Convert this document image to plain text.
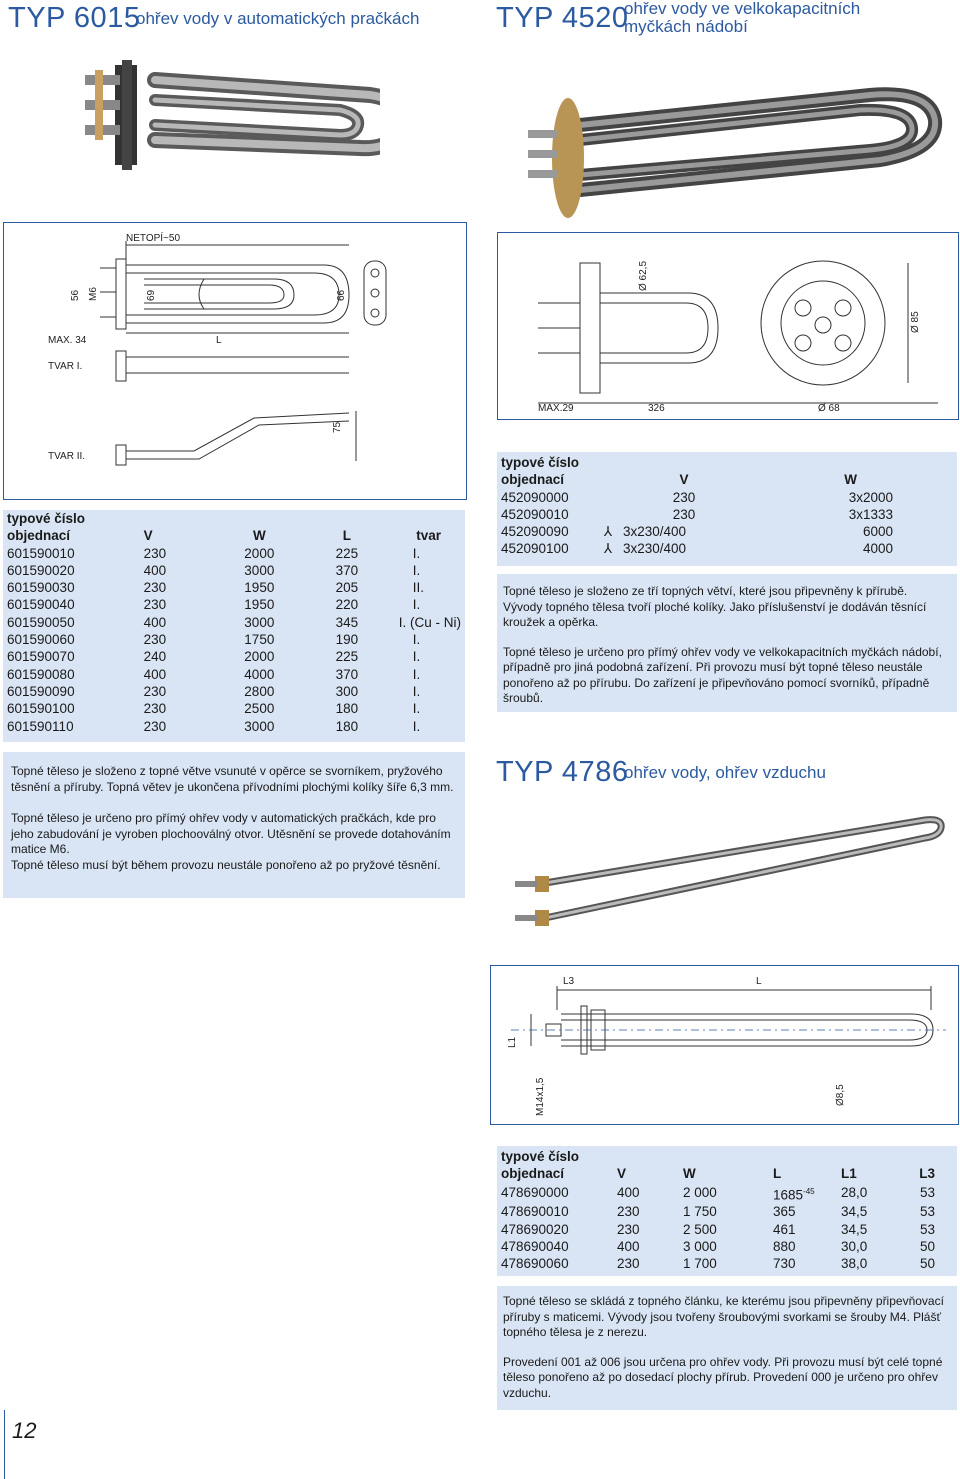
TYP 6015
ohřev vody v automatických pračkách
NETOPÍ~50
56 M6	69	66
MAX. 34	L
TVAR I.
75
TVAR II.
typové číslo				
objednací	V	W	L	tvar
601590010	230	2000	225	I.
601590020	400	3000	370	I.
601590030	230	1950	205	II.
601590040	230	1950	220	I.
601590050	400	3000	345	I. (Cu - Ni)
601590060	230	1750	190	I.
601590070	240	2000	225	I.
601590080	400	4000	370	I.
601590090	230	2800	300	I.
601590100	230	2500	180	I.
601590110	230	3000	180	I.
Topné těleso je složeno z topné větve vsunuté v opěrce se svorníkem, pryžového těsnění a příruby. Topná větev je ukončena přívodními plochými kolíky šíře 6,3 mm.
Topné těleso je určeno pro přímý ohřev vody v automatických pračkách, kde pro jeho zabudování je vyroben plochooválný otvor. Utěsnění se provede dotahováním matice M6.
Topné těleso musí být během provozu neustále ponořeno až po pryžové těsnění.
TYP 4520
ohřev vody ve velkokapacitních
myčkách nádobí
Ø 62,5
Ø 85
MAX.29	326	Ø 68
typové číslo			
objednací		V	W
452090000		230	3x2000
452090010		230	3x1333
452090090	⅄	3x230/400	6000
452090100	⅄	3x230/400	4000
Topné těleso je složeno ze tří topných větví, které jsou připevněny k přírubě. Vývody topného tělesa tvoří ploché kolíky. Jako příslušenství je dodáván těsnící kroužek a opěrka.
Topné těleso je určeno pro přímý ohřev vody ve velkokapacitních myčkách nádobí, případně pro jiná podobná zařízení. Při provozu musí být topné těleso neustále ponořeno až po přírubu. Do zařízení je připevňováno pomocí svorníků, případně šroubů.
TYP 4786
ohřev vody, ohřev vzduchu
L3	L
L1
M14x1,5	Ø8,5
typové číslo					
objednací	V	W	L	L1	L3
478690000	400	2 000	$1685^{-45}$	28,0	53
478690010	230	1 750	365	34,5	53
478690020	230	2 500	461	34,5	53
478690040	400	3 000	880	30,0	50
478690060	230	1 700	730	38,0	50
Topné těleso se skládá z topného článku, ke kterému jsou připevněny připevňovací příruby s maticemi. Vývody jsou tvořeny šroubovými svorkami se šrouby M4. Plášť topného tělesa je z nerezu.
Provedení 001 až 006 jsou určena pro ohřev vody. Při provozu musí být celé topné těleso ponořeno až po dosedací plochy přírub. Provedení 000 je určeno pro ohřev vzduchu.
12
